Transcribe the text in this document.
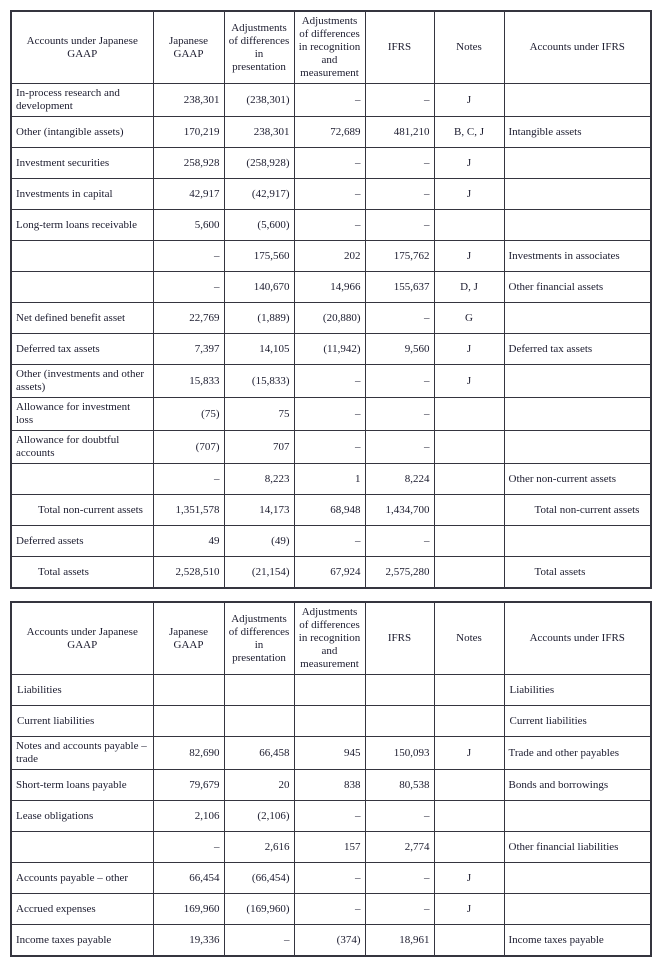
Accounts under Japanese GAAP	Japanese GAAP	Adjustments of differences in presentation	Adjustments of differences in recognition and measurement	IFRS	Notes	Accounts under IFRS
In-process research and development	238,301	(238,301)	–	–	J	
Other (intangible assets)	170,219	238,301	72,689	481,210	B, C, J	Intangible assets
Investment securities	258,928	(258,928)	–	–	J	
Investments in capital	42,917	(42,917)	–	–	J	
Long-term loans receivable	5,600	(5,600)	–	–		
	–	175,560	202	175,762	J	Investments in associates
	–	140,670	14,966	155,637	D, J	Other financial assets
Net defined benefit asset	22,769	(1,889)	(20,880)	–	G	
Deferred tax assets	7,397	14,105	(11,942)	9,560	J	Deferred tax assets
Other (investments and other assets)	15,833	(15,833)	–	–	J	
Allowance for investment loss	(75)	75	–	–		
Allowance for doubtful accounts	(707)	707	–	–		
	–	8,223	1	8,224		Other non-current assets
Total non-current assets	1,351,578	14,173	68,948	1,434,700		Total non-current assets
Deferred assets	49	(49)	–	–		
Total assets	2,528,510	(21,154)	67,924	2,575,280		Total assets
Accounts under Japanese GAAP	Japanese GAAP	Adjustments of differences in presentation	Adjustments of differences in recognition and measurement	IFRS	Notes	Accounts under IFRS
Liabilities						Liabilities
Current liabilities						Current liabilities
Notes and accounts payable – trade	82,690	66,458	945	150,093	J	Trade and other payables
Short-term loans payable	79,679	20	838	80,538		Bonds and borrowings
Lease obligations	2,106	(2,106)	–	–		
	–	2,616	157	2,774		Other financial liabilities
Accounts payable – other	66,454	(66,454)	–	–	J	
Accrued expenses	169,960	(169,960)	–	–	J	
Income taxes payable	19,336	–	(374)	18,961		Income taxes payable
